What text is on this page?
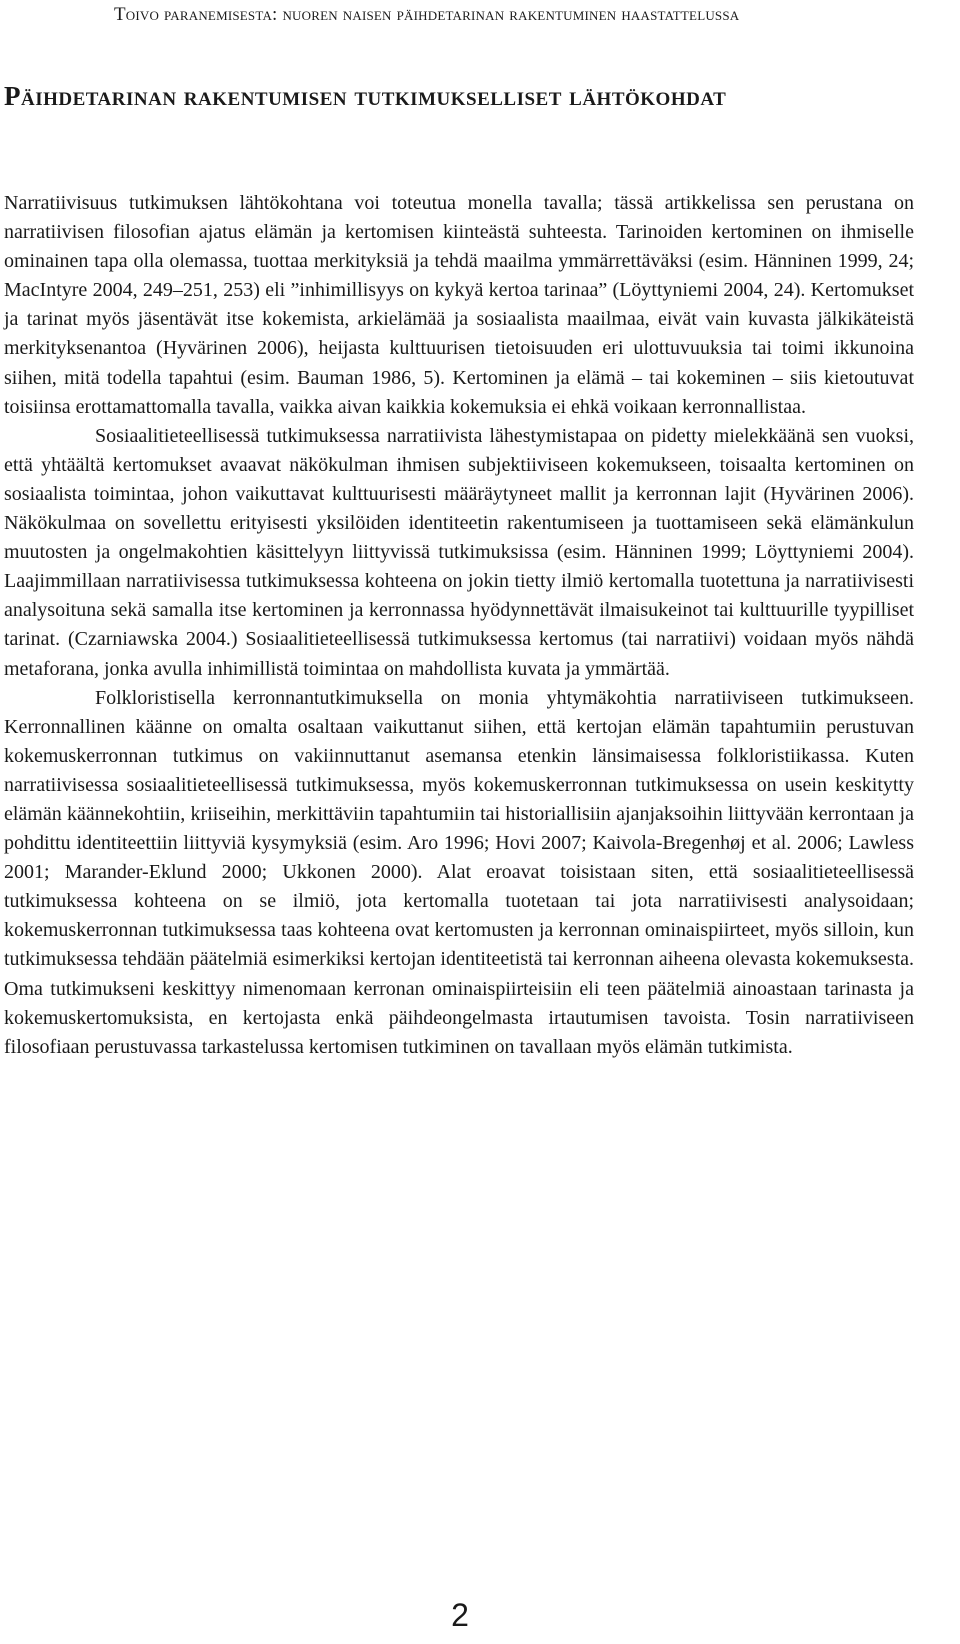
Toivo paranemisesta: nuoren naisen päihdetarinan rakentuminen haastattelussa
Päihdetarinan rakentumisen tutkimukselliset lähtökohdat

Narratiivisuus tutkimuksen lähtökohtana voi toteutua monella tavalla; tässä artikkelissa sen perustana on narratiivisen filosofian ajatus elämän ja kertomisen kiinteästä suhteesta. Tarinoiden kertominen on ihmiselle ominainen tapa olla olemassa, tuottaa merkityksiä ja tehdä maailma ymmärrettäväksi (esim. Hänninen 1999, 24; MacIntyre 2004, 249–251, 253) eli ”inhimillisyys on kykyä kertoa tarinaa” (Löyttyniemi 2004, 24). Kertomukset ja tarinat myös jäsentävät itse kokemista, arkielämää ja sosiaalista maailmaa, eivät vain kuvasta jälkikäteistä merkityksenantoa (Hyvärinen 2006), heijasta kulttuurisen tietoisuuden eri ulottuvuuksia tai toimi ikkunoina siihen, mitä todella tapahtui (esim. Bauman 1986, 5). Kertominen ja elämä – tai kokeminen – siis kietoutuvat toisiinsa erottamattomalla tavalla, vaikka aivan kaikkia kokemuksia ei ehkä voikaan kerronnallistaa.

Sosiaalitieteellisessä tutkimuksessa narratiivista lähestymistapaa on pidetty mielekkäänä sen vuoksi, että yhtäältä kertomukset avaavat näkökulman ihmisen subjektiiviseen kokemukseen, toisaalta kertominen on sosiaalista toimintaa, johon vaikuttavat kulttuurisesti määräytyneet mallit ja kerronnan lajit (Hyvärinen 2006). Näkökulmaa on sovellettu erityisesti yksilöiden identiteetin rakentumiseen ja tuottamiseen sekä elämänkulun muutosten ja ongelmakohtien käsittelyyn liittyvissä tutkimuksissa (esim. Hänninen 1999; Löyttyniemi 2004). Laajimmillaan narratiivisessa tutkimuksessa kohteena on jokin tietty ilmiö kertomalla tuotettuna ja narratiivisesti analysoituna sekä samalla itse kertominen ja kerronnassa hyödynnettävät ilmaisukeinot tai kulttuurille tyypilliset tarinat. (Czarniawska 2004.) Sosiaalitieteellisessä tutkimuksessa kertomus (tai narratiivi) voidaan myös nähdä metaforana, jonka avulla inhimillistä toimintaa on mahdollista kuvata ja ymmärtää.

Folkloristisella kerronnantutkimuksella on monia yhtymäkohtia narratiiviseen tutkimukseen. Kerronnallinen käänne on omalta osaltaan vaikuttanut siihen, että kertojan elämän tapahtumiin perustuvan kokemuskerronnan tutkimus on vakiinnuttanut asemansa etenkin länsimaisessa folkloristiikassa. Kuten narratiivisessa sosiaalitieteellisessä tutkimuksessa, myös kokemuskerronnan tutkimuksessa on usein keskitytty elämän käännekohtiin, kriiseihin, merkittäviin tapahtumiin tai historiallisiin ajanjaksoihin liittyvään kerrontaan ja pohdittu identiteettiin liittyviä kysymyksiä (esim. Aro 1996; Hovi 2007; Kaivola-Bregenhøj et al. 2006; Lawless 2001; Marander-Eklund 2000; Ukkonen 2000). Alat eroavat toisistaan siten, että sosiaalitieteellisessä tutkimuksessa kohteena on se ilmiö, jota kertomalla tuotetaan tai jota narratiivisesti analysoidaan; kokemuskerronnan tutkimuksessa taas kohteena ovat kertomusten ja kerronnan ominaispiirteet, myös silloin, kun tutkimuksessa tehdään päätelmiä esimerkiksi kertojan identiteetistä tai kerronnan aiheena olevasta kokemuksesta. Oma tutkimukseni keskittyy nimenomaan kerronan ominaispiirteisiin eli teen päätelmiä ainoastaan tarinasta ja kokemuskertomuksista, en kertojasta enkä päihdeongelmasta irtautumisen tavoista. Tosin narratiiviseen filosofiaan perustuvassa tarkastelussa kertomisen tutkiminen on tavallaan myös elämän tutkimista.

2
